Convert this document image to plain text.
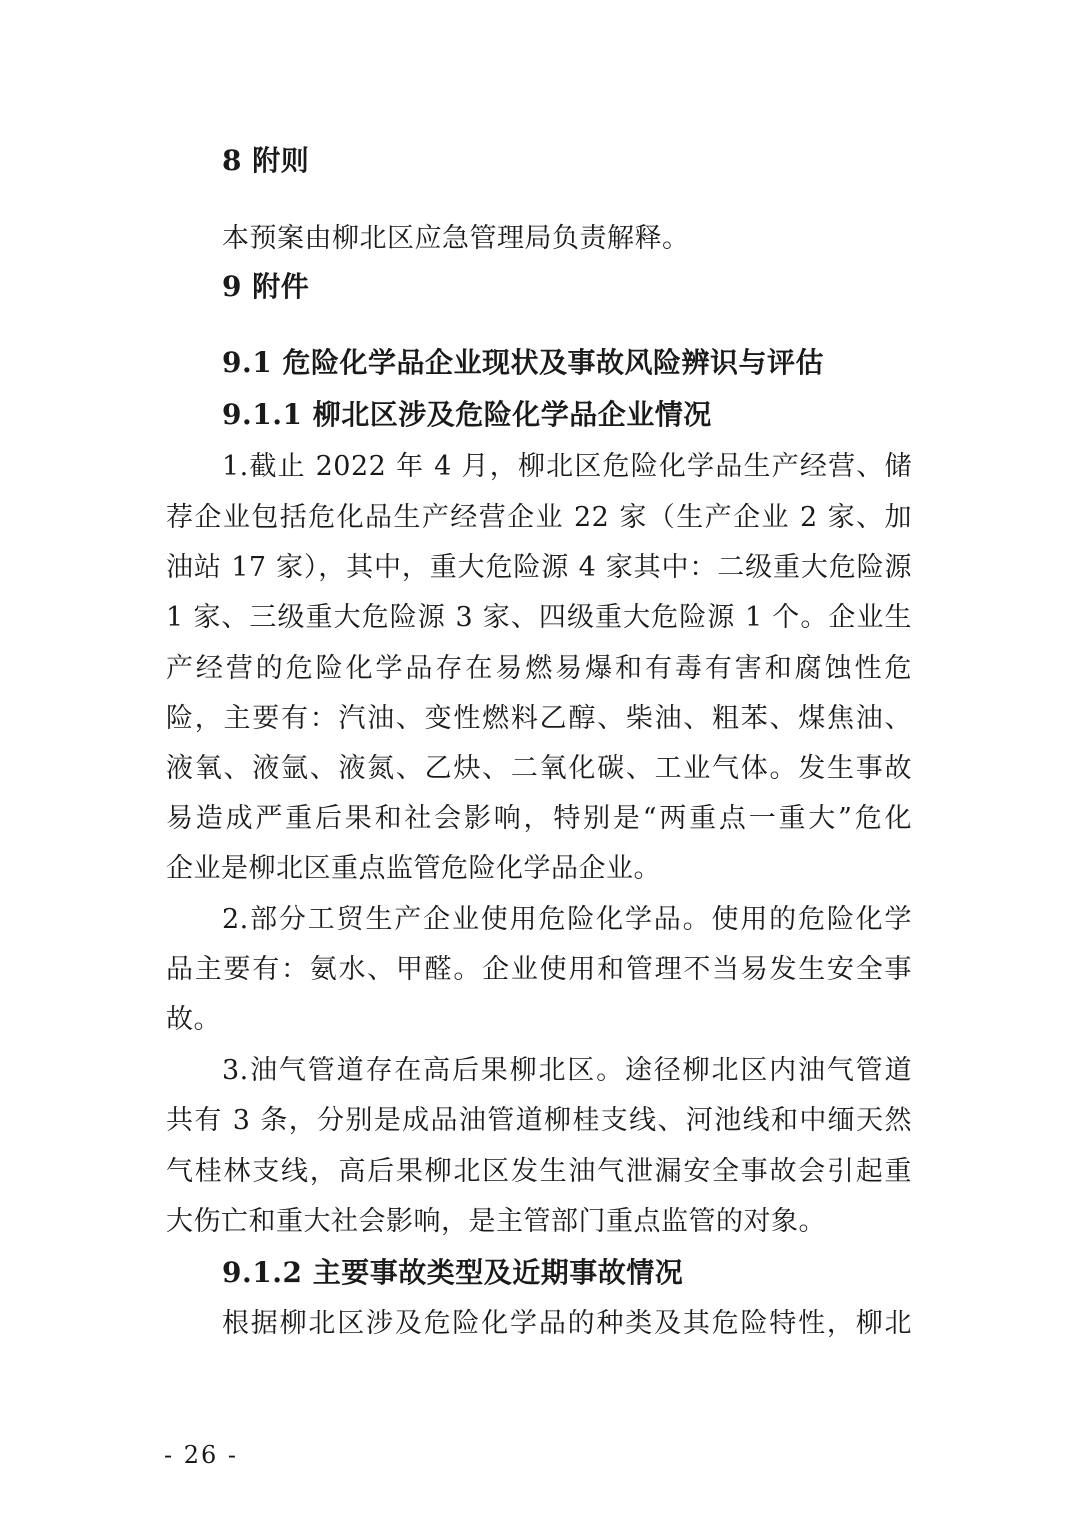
8 附则
本预案由柳北区应急管理局负责解释。
9 附件
9.1 危险化学品企业现状及事故风险辨识与评估
9.1.1 柳北区涉及危险化学品企业情况
1.截止 2022 年 4 月，柳北区危险化学品生产经营、储
荐企业包括危化品生产经营企业 22 家（生产企业 2 家、加
油站 17 家），其中，重大危险源 4 家其中：二级重大危险源
1 家、三级重大危险源 3 家、四级重大危险源 1 个。企业生
产经营的危险化学品存在易燃易爆和有毒有害和腐蚀性危
险，主要有：汽油、变性燃料乙醇、柴油、粗苯、煤焦油、
液氧、液氩、液氮、乙炔、二氧化碳、工业气体。发生事故
易造成严重后果和社会影响，特别是“两重点一重大”危化
企业是柳北区重点监管危险化学品企业。
2.部分工贸生产企业使用危险化学品。使用的危险化学
品主要有：氨水、甲醛。企业使用和管理不当易发生安全事
故。
3.油气管道存在高后果柳北区。途径柳北区内油气管道
共有 3 条，分别是成品油管道柳桂支线、河池线和中缅天然
气桂林支线，高后果柳北区发生油气泄漏安全事故会引起重
大伤亡和重大社会影响，是主管部门重点监管的对象。
9.1.2 主要事故类型及近期事故情况
根据柳北区涉及危险化学品的种类及其危险特性，柳北
- 26 -
